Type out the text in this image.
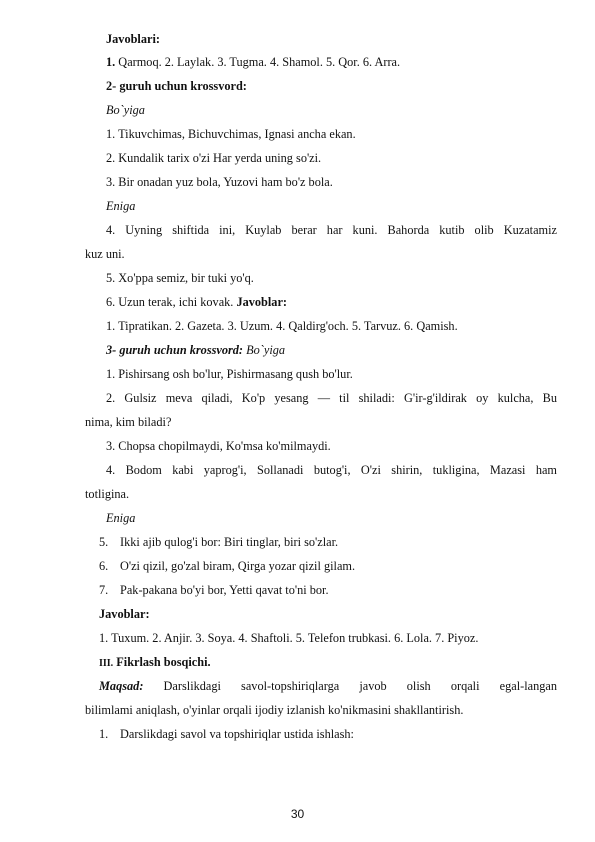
Javoblari:
1. Qarmoq. 2. Laylak. 3. Tugma. 4. Shamol. 5. Qor. 6. Arra.
2- guruh uchun krossvord:
Bo`yiga
1. Tikuvchimas, Bichuvchimas, Ignasi ancha ekan.
2. Kundalik tarix o'zi Har yerda uning so'zi.
3. Bir onadan yuz bola, Yuzovi ham bo'z bola.
Eniga
4. Uyning shiftida ini, Kuylab berar har kuni. Bahorda kutib olib Kuzatamiz
kuz uni.
5. Xo'ppa semiz, bir tuki yo'q.
6. Uzun terak, ichi kovak. Javoblar:
1. Tipratikan. 2. Gazeta. 3. Uzum. 4. Qaldirg'och. 5. Tarvuz. 6. Qamish.
3- guruh uchun krossvord: Bo`yiga
1. Pishirsang osh bo'lur, Pishirmasang qush bo'lur.
2. Gulsiz meva qiladi, Ko'p yesang — til shiladi: G'ir-g'ildirak oy kulcha, Bu
nima, kim biladi?
3. Chopsa chopilmaydi, Ko'msa ko'milmaydi.
4. Bodom kabi yaprog'i, Sollanadi butog'i, O'zi shirin, tukligina, Mazasi ham
totligina.
Eniga
5. Ikki ajib qulog'i bor: Biri tinglar, biri so'zlar.
6. O'zi qizil, go'zal biram, Qirga yozar qizil gilam.
7. Pak-pakana bo'yi bor, Yetti qavat to'ni bor.
Javoblar:
1. Tuxum. 2. Anjir. 3. Soya. 4. Shaftoli. 5. Telefon trubkasi. 6. Lola. 7. Piyoz.
III. Fikrlash bosqichi.
Maqsad: Darslikdagi savol-topshiriqlarga javob olish orqali egal-langan
bilimlami aniqlash, o'yinlar orqali ijodiy izlanish ko'nikmasini shakllantirish.
1. Darslikdagi savol va topshiriqlar ustida ishlash:
30
